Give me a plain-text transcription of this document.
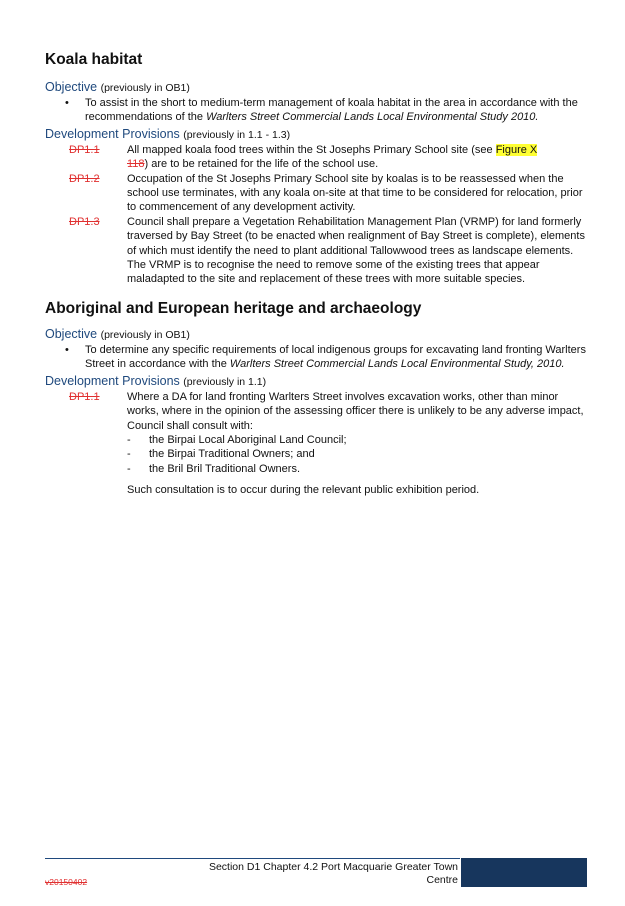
Koala habitat

Objective (previously in OB1)

• To assist in the short to medium-term management of koala habitat in the area in accordance with the recommendations of the Warlters Street Commercial Lands Local Environmental Study 2010.

Development Provisions (previously in 1.1 - 1.3)

DP1.1	All mapped koala food trees within the St Josephs Primary School site (see Figure X
118) are to be retained for the life of the school use.
DP1.2	Occupation of the St Josephs Primary School site by koalas is to be reassessed when the school use terminates, with any koala on-site at that time to be considered for relocation, prior to commencement of any development activity.
DP1.3	Council shall prepare a Vegetation Rehabilitation Management Plan (VRMP) for land formerly traversed by Bay Street (to be enacted when realignment of Bay Street is complete), elements of which must identify the need to plant additional Tallowwood trees as landscape elements.
The VRMP is to recognise the need to remove some of the existing trees that appear maladapted to the site and replacement of these trees with more suitable species.
Aboriginal and European heritage and archaeology

Objective (previously in OB1)

• To determine any specific requirements of local indigenous groups for excavating land fronting Warlters Street in accordance with the Warlters Street Commercial Lands Local Environmental Study, 2010.

Development Provisions (previously in 1.1)

DP1.1	Where a DA for land fronting Warlters Street involves excavation works, other than minor works, where in the opinion of the assessing officer there is unlikely to be any adverse impact, Council shall consult with:
-	the Birpai Local Aboriginal Land Council;
-	the Birpai Traditional Owners; and
-	the Bril Bril Traditional Owners.

Such consultation is to occur during the relevant public exhibition period.

Section D1 Chapter 4.2 Port Macquarie Greater Town
Centre
v20150402
